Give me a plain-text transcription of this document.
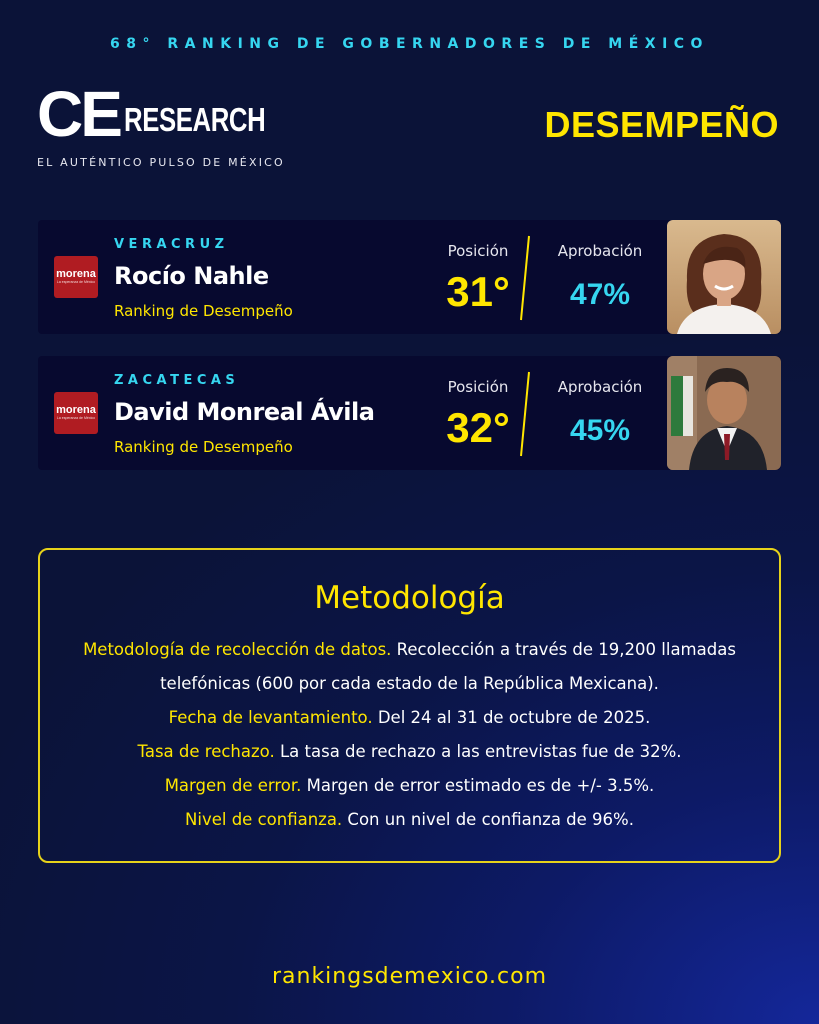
68° RANKING DE GOBERNADORES DE MÉXICO
CE RESEARCH
EL AUTÉNTICO PULSO DE MÉXICO
DESEMPEÑO
morena
La esperanza de México
VERACRUZ
Rocío Nahle
Ranking de Desempeño
Posición
31°
Aprobación
47%
morena
La esperanza de México
ZACATECAS
David Monreal Ávila
Ranking de Desempeño
Posición
32°
Aprobación
45%
Metodología
Metodología de recolección de datos. Recolección a través de 19,200 llamadas
telefónicas (600 por cada estado de la República Mexicana).
Fecha de levantamiento. Del 24 al 31 de octubre de 2025.
Tasa de rechazo. La tasa de rechazo a las entrevistas fue de 32%.
Margen de error. Margen de error estimado es de +/- 3.5%.
Nivel de confianza. Con un nivel de confianza de 96%.
rankingsdemexico.com
